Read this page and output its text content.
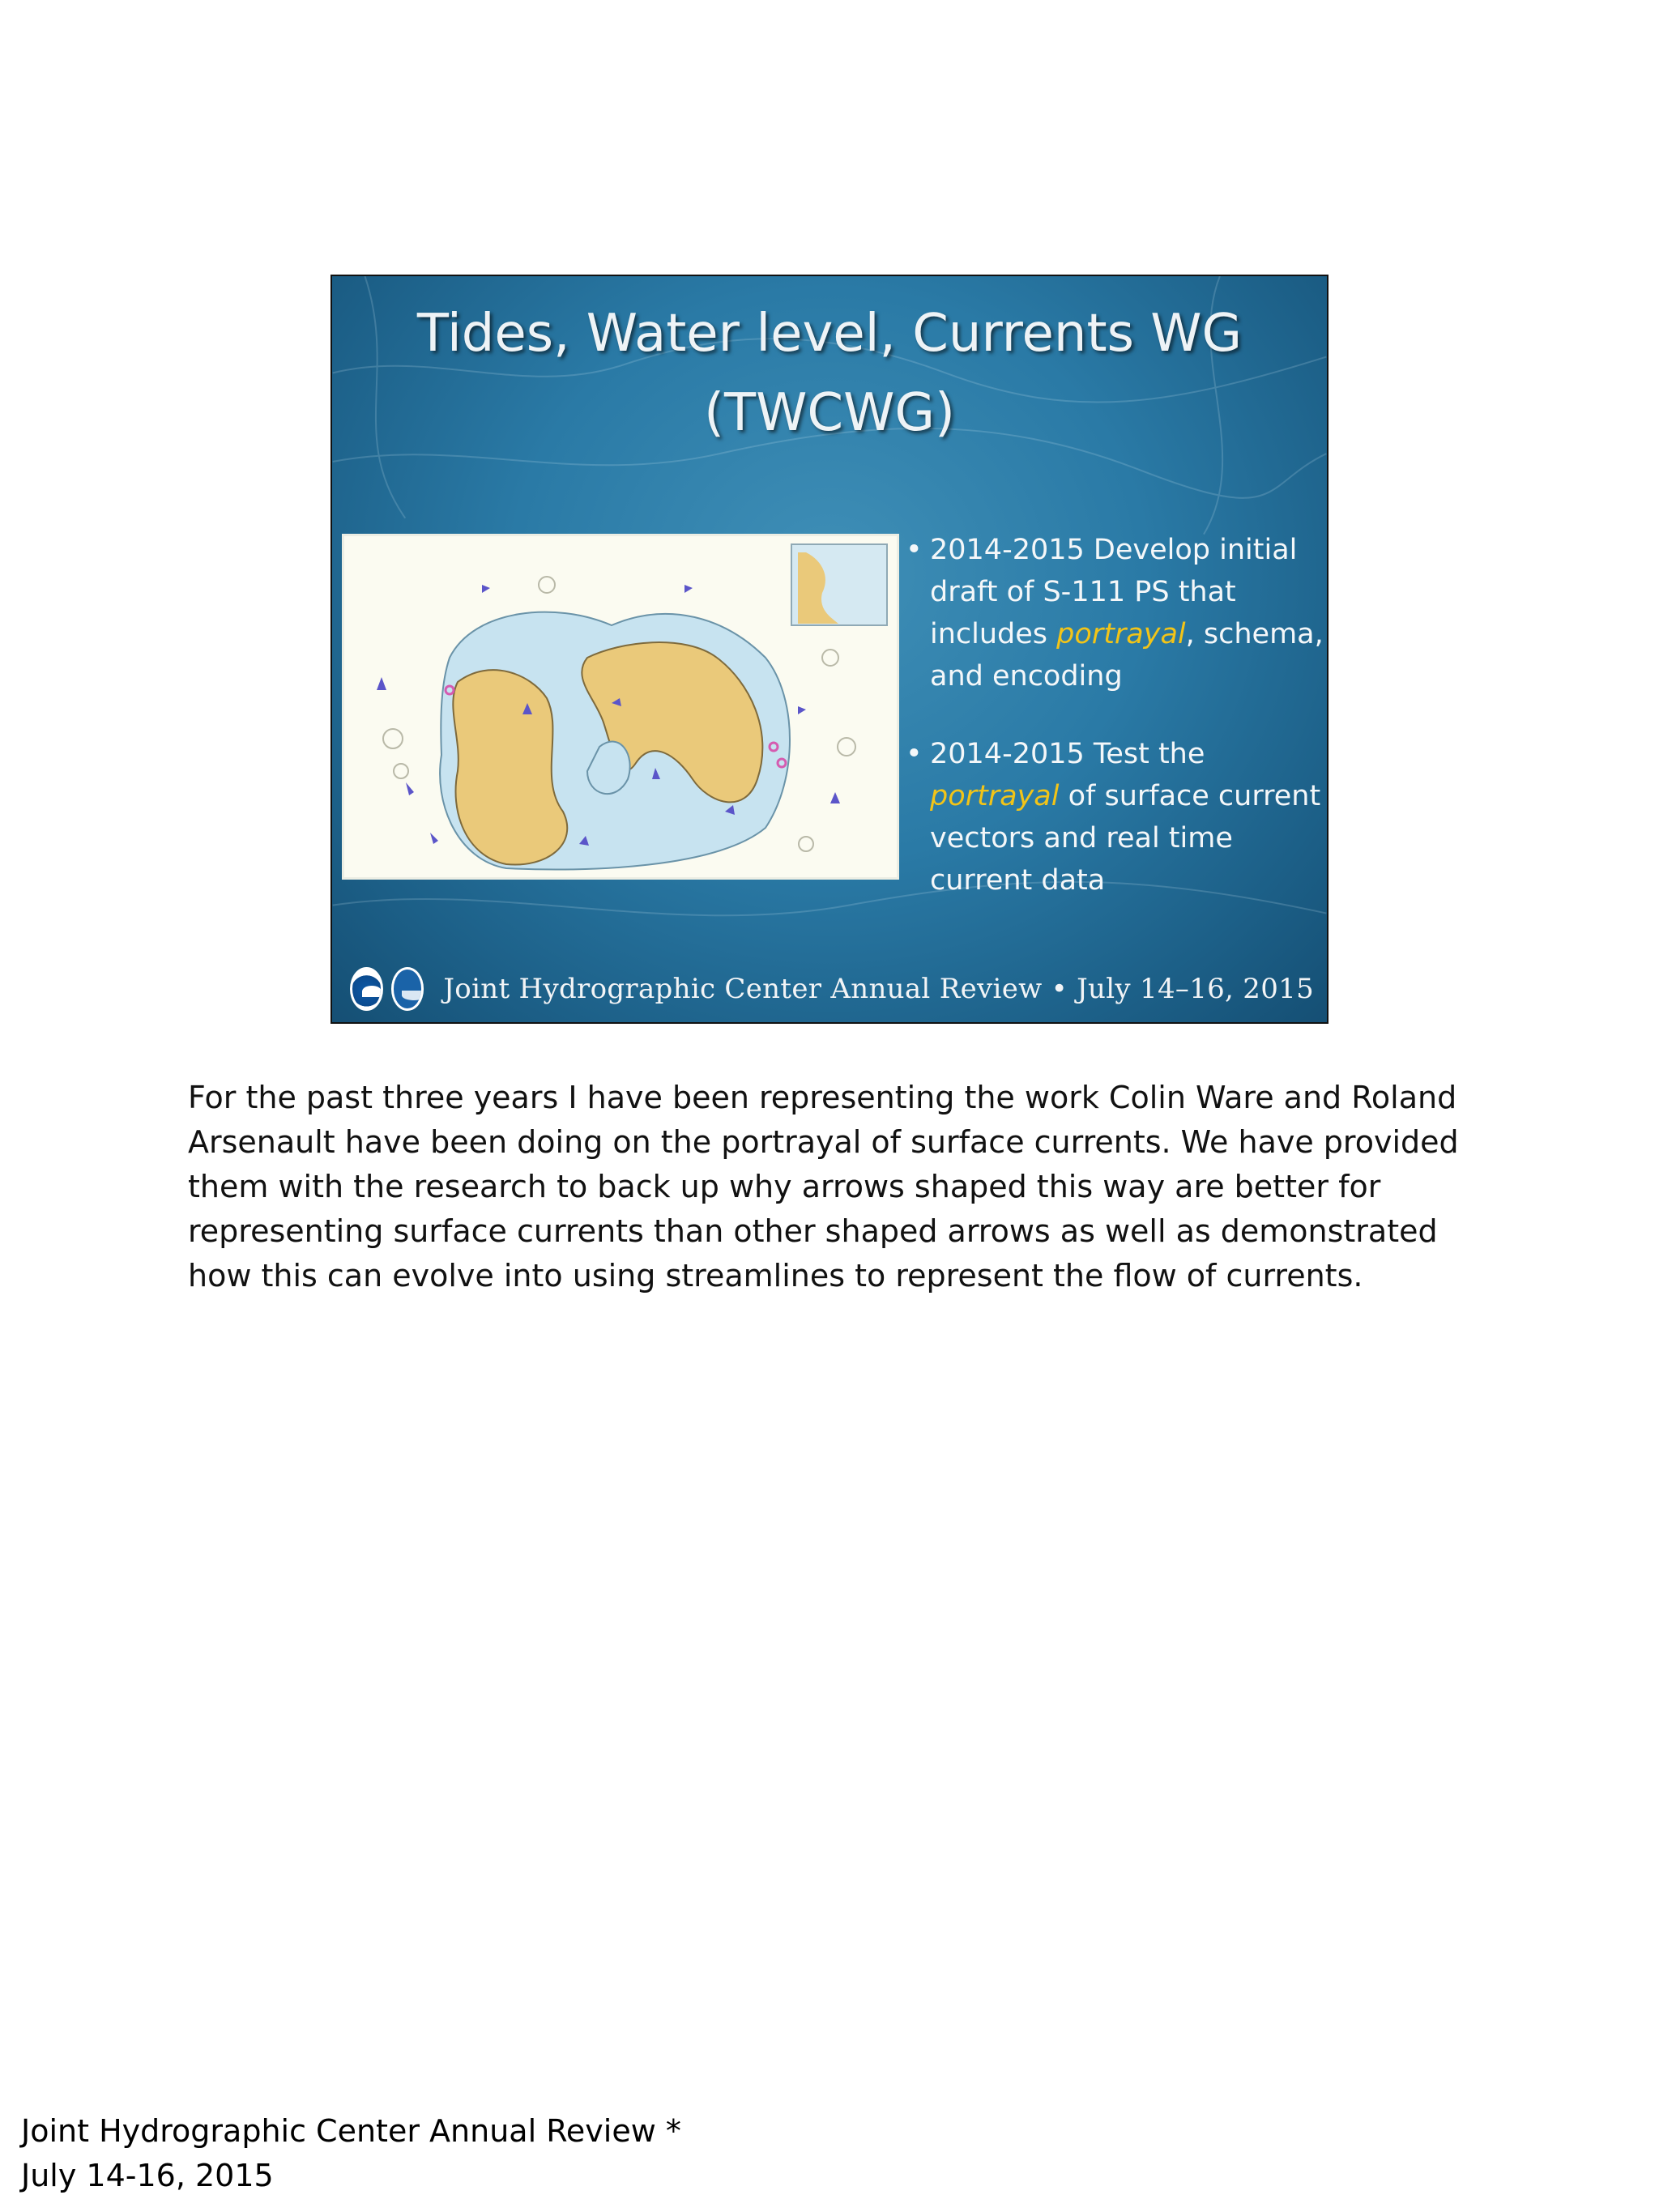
Tides, Water level, Currents WG
(TWCWG)
• 2014-2015 Develop initial draft of S-111 PS that includes portrayal, schema, and encoding
• 2014-2015 Test the portrayal of surface current vectors and real time current data
Joint Hydrographic Center Annual Review • July 14–16, 2015
For the past three years I have been representing the work Colin Ware and Roland Arsenault have been doing on the portrayal of surface currents. We have provided them with the research to back up why arrows shaped this way are better for representing surface currents than other shaped arrows as well as demonstrated how this can evolve into using streamlines to represent the flow of currents.
Joint Hydrographic Center Annual Review *
July 14-16, 2015
